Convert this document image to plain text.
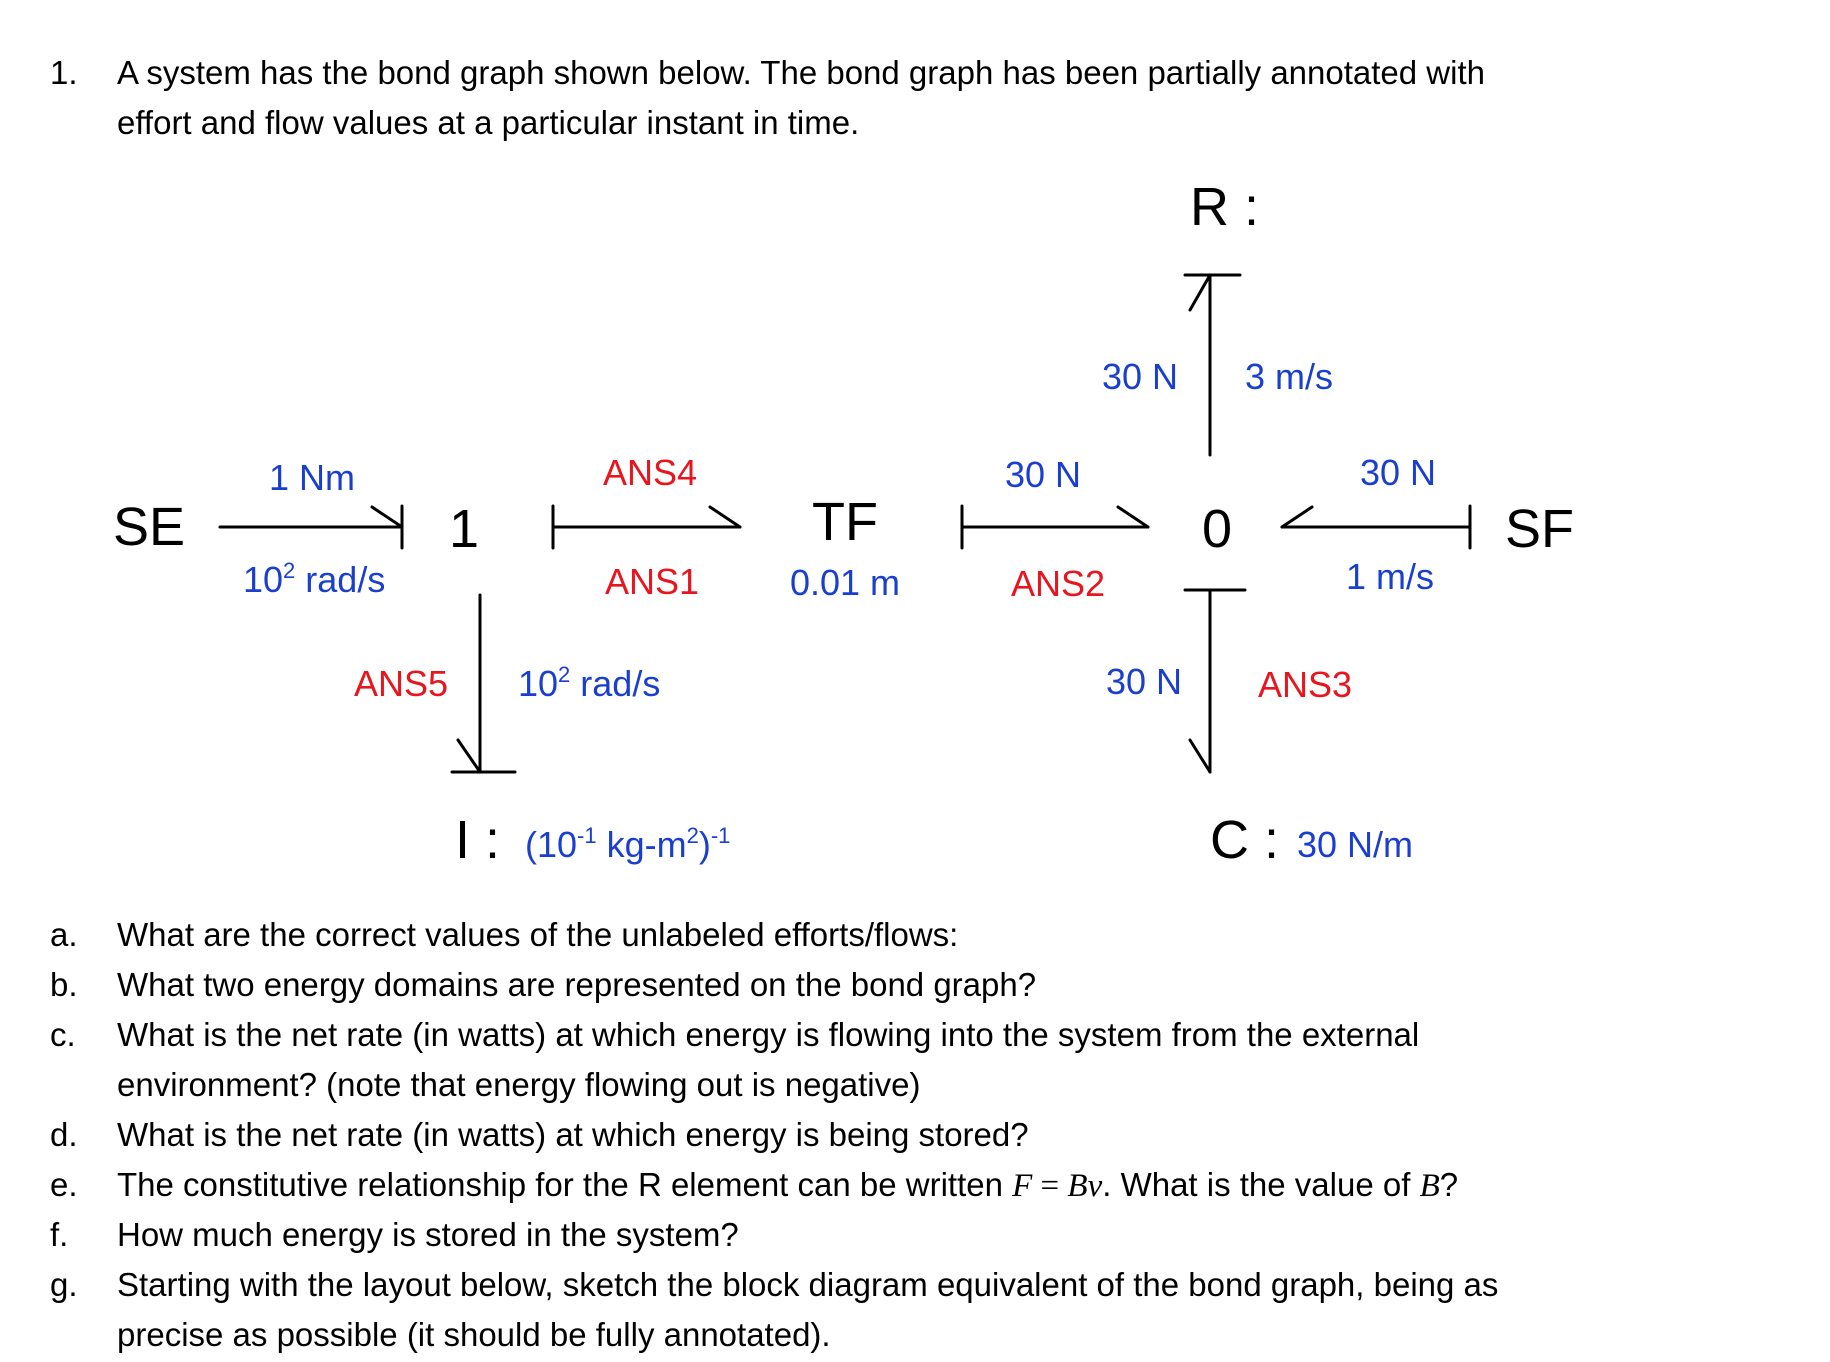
1. A system has the bond graph shown below. The bond graph has been partially annotated with
effort and flow values at a particular instant in time.
SE	1	TF	0	SF
R :
I :	C :
0.01 m
($10^{-1}$ $kg-m^2)^{-1}$	30 N/m
1 Nm
$10^2$ rad/s
ANS4
ANS1
30 N
ANS2
30 N 3 m/s
30 N
1 m/s
ANS5 $10^2$ rad/s	30 N ANS3
a. What are the correct values of the unlabeled efforts/flows:
b. What two energy domains are represented on the bond graph?
c. What is the net rate (in watts) at which energy is flowing into the system from the external
environment? (note that energy flowing out is negative)
d. What is the net rate (in watts) at which energy is being stored?
e. The constitutive relationship for the R element can be written F = Bv. What is the value of B?
f. How much energy is stored in the system?
g. Starting with the layout below, sketch the block diagram equivalent of the bond graph, being as
precise as possible (it should be fully annotated).
